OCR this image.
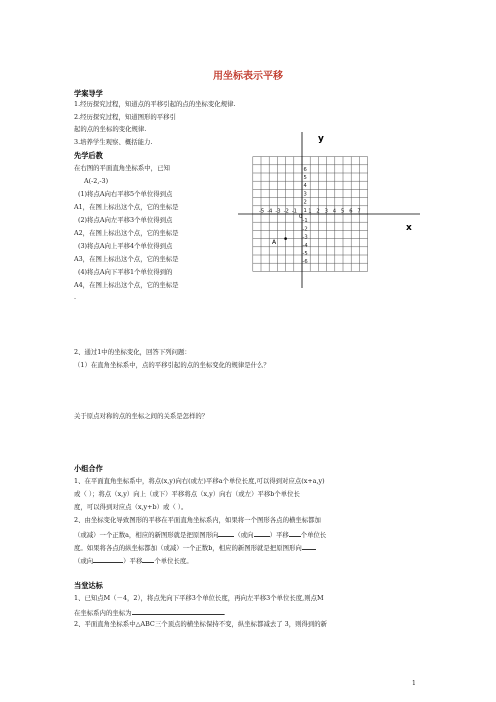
用坐标表示平移
学案导学
1.经历探究过程，知道点的平移引起的点的坐标变化规律.
2.经历探究过程，知道图形的平移引
起的点的坐标的变化规律.
3.培养学生观察、概括能力.
先学后教
在右图的平面直角坐标系中，已知
A(-2,-3)
(1)将点A向右平移5个单位得到点
A1，在图上标出这个点，它的坐标是
(2)将点A向左平移3个单位得到点
A2，在图上标出这个点，它的坐标是
(3)将点A向上平移4个单位得到点
A3，在图上标出这个点，它的坐标是
(4)将点A向下平移1个单位得到的
A4，在图上标出这个点，它的坐标是
.
-5 -4 -3 -2 -1 1 2 3 4 5 6 7
6
5
4
3
2
1
-1
-2
-3
-4
-5
-6
x
y
0
A
2、通过1中的坐标变化，回答下列问题：
（1）在直角坐标系中，点的平移引起的点的坐标变化的规律是什么？
关于原点对称的点的坐标之间的关系是怎样的？
小组合作
1、在平面直角坐标系中，将点(x,y)向右(或左)平移a个单位长度,可以得到对应点(x+a,y)
或（ ）；将点（x,y）向上（或下）平移将点（x,y）向右（或左）平移b个单位长
度，可以得到对应点（x,y+b）或（ ）。
2、由坐标变化导致图形的平移在平面直角坐标系内，如果将一个图形各点的横坐标都加
（或减）一个正数a，相应的新图形就是把原图形向	（或向	）平移 个单位长
度。如果将各点的纵坐标都加（或减）一个正数b，相应的新图形就是把原图形向
（或向	）平移 个单位长度。
当堂达标
1、已知点M（－4，2），将点先向下平移3个单位长度，再向左平移3个单位长度,则点M
在坐标系内的坐标为	.
2、平面直角坐标系中△ABC三个顶点的横坐标保持不变，纵坐标都减去了 3，则得到的新
1
